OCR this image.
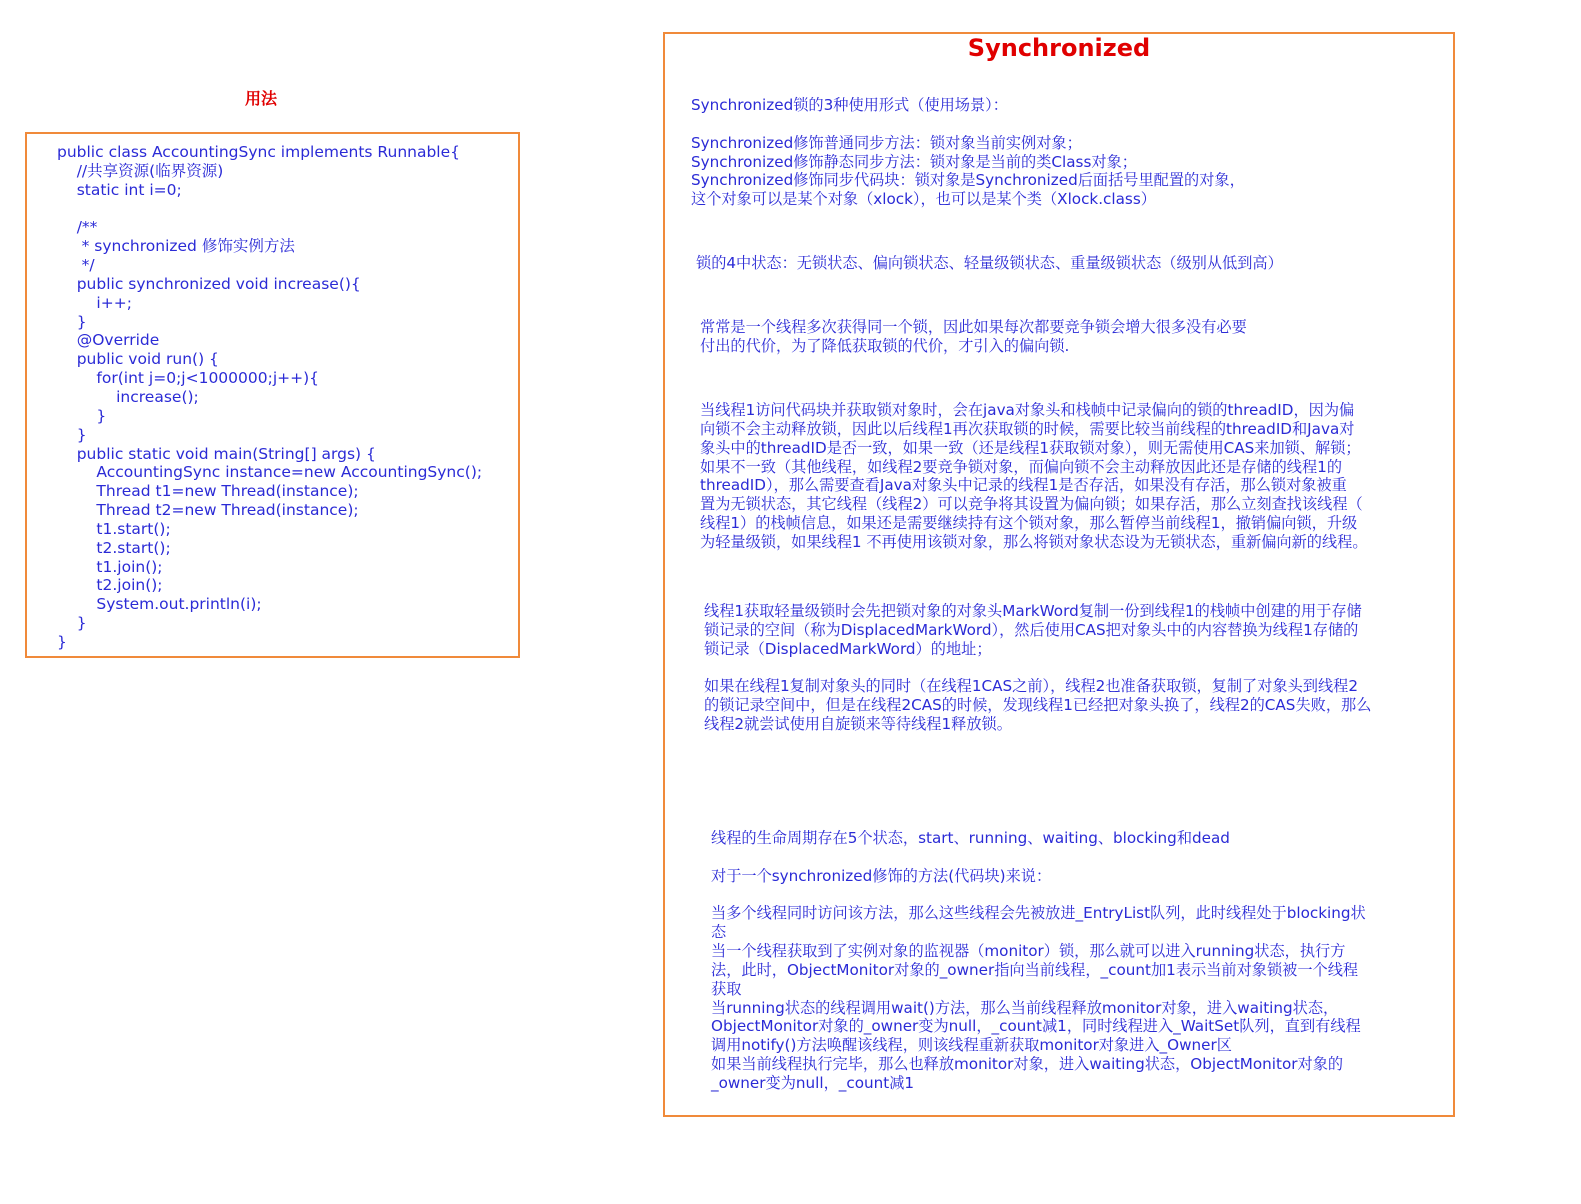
用法
public class AccountingSync implements Runnable{
//共享资源(临界资源)
static int i=0;
/**
* synchronized 修饰实例方法
*/
public synchronized void increase(){
i++;
}
@Override
public void run() {
for(int j=0;j<1000000;j++){
increase();
}
}
public static void main(String[] args) {
AccountingSync instance=new AccountingSync();
Thread t1=new Thread(instance);
Thread t2=new Thread(instance);
t1.start();
t2.start();
t1.join();
t2.join();
System.out.println(i);
}
}
Synchronized
Synchronized锁的3种使用形式（使用场景）：
Synchronized修饰普通同步方法：锁对象当前实例对象；
Synchronized修饰静态同步方法：锁对象是当前的类Class对象；
Synchronized修饰同步代码块：锁对象是Synchronized后面括号里配置的对象，
这个对象可以是某个对象（xlock），也可以是某个类（Xlock.class）
锁的4中状态：无锁状态、偏向锁状态、轻量级锁状态、重量级锁状态（级别从低到高）
常常是一个线程多次获得同一个锁，因此如果每次都要竞争锁会增大很多没有必要
付出的代价，为了降低获取锁的代价，才引入的偏向锁.
当线程1访问代码块并获取锁对象时，会在java对象头和栈帧中记录偏向的锁的threadID，因为偏
向锁不会主动释放锁，因此以后线程1再次获取锁的时候，需要比较当前线程的threadID和Java对
象头中的threadID是否一致，如果一致（还是线程1获取锁对象），则无需使用CAS来加锁、解锁；
如果不一致（其他线程，如线程2要竞争锁对象，而偏向锁不会主动释放因此还是存储的线程1的
threadID），那么需要查看Java对象头中记录的线程1是否存活，如果没有存活，那么锁对象被重
置为无锁状态，其它线程（线程2）可以竞争将其设置为偏向锁；如果存活，那么立刻查找该线程（
线程1）的栈帧信息，如果还是需要继续持有这个锁对象，那么暂停当前线程1，撤销偏向锁，升级
为轻量级锁，如果线程1 不再使用该锁对象，那么将锁对象状态设为无锁状态，重新偏向新的线程。
线程1获取轻量级锁时会先把锁对象的对象头MarkWord复制一份到线程1的栈帧中创建的用于存储
锁记录的空间（称为DisplacedMarkWord），然后使用CAS把对象头中的内容替换为线程1存储的
锁记录（DisplacedMarkWord）的地址；
如果在线程1复制对象头的同时（在线程1CAS之前），线程2也准备获取锁，复制了对象头到线程2
的锁记录空间中，但是在线程2CAS的时候，发现线程1已经把对象头换了，线程2的CAS失败，那么
线程2就尝试使用自旋锁来等待线程1释放锁。
线程的生命周期存在5个状态，start、running、waiting、blocking和dead
对于一个synchronized修饰的方法(代码块)来说：
当多个线程同时访问该方法，那么这些线程会先被放进_EntryList队列，此时线程处于blocking状
态
当一个线程获取到了实例对象的监视器（monitor）锁，那么就可以进入running状态，执行方
法，此时，ObjectMonitor对象的_owner指向当前线程，_count加1表示当前对象锁被一个线程
获取
当running状态的线程调用wait()方法，那么当前线程释放monitor对象，进入waiting状态，
ObjectMonitor对象的_owner变为null，_count减1，同时线程进入_WaitSet队列，直到有线程
调用notify()方法唤醒该线程，则该线程重新获取monitor对象进入_Owner区
如果当前线程执行完毕，那么也释放monitor对象，进入waiting状态，ObjectMonitor对象的
_owner变为null，_count减1
